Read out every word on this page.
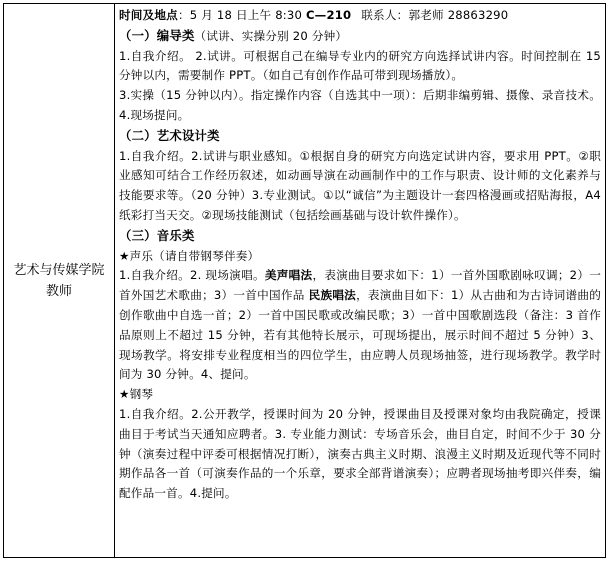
艺术与传媒学院教师
时间及地点：5 月 18 日上午 8:30 C—210 联系人：郭老师 28863290

（一）编导类（试讲、实操分别 20 分钟）

1.自我介绍。 2.试讲。可根据自己在编导专业内的研究方向选择试讲内容。时间控制在 15 分钟以内，需要制作 PPT。（如自己有创作作品可带到现场播放）。

3.实操（15 分钟以内）。指定操作内容（自选其中一项）：后期非编剪辑、摄像、录音技术。4.现场提问。

（二）艺术设计类

1.自我介绍。2.试讲与职业感知。①根据自身的研究方向选定试讲内容，要求用 PPT。②职业感知可结合工作经历叙述，如动画导演在动画制作中的工作与职责、设计师的文化素养与技能要求等。（20 分钟）3.专业测试。①以“诚信”为主题设计一套四格漫画或招贴海报，A4 纸彩打当天交。②现场技能测试（包括绘画基础与设计软件操作）。

（三）音乐类

★声乐（请自带钢琴伴奏）

1.自我介绍。2. 现场演唱。美声唱法，表演曲目要求如下：1）一首外国歌剧咏叹调；2）一首外国艺术歌曲；3）一首中国作品 民族唱法，表演曲目如下：1）从古曲和为古诗词谱曲的创作歌曲中自选一首；2）一首中国民歌或改编民歌；3）一首中国歌剧选段（备注：3 首作品原则上不超过 15 分钟，若有其他特长展示，可现场提出，展示时间不超过 5 分钟）3、现场教学。将安排专业程度相当的四位学生，由应聘人员现场抽签，进行现场教学。教学时间为 30 分钟。4、提问。

★钢琴

1.自我介绍。2.公开教学，授课时间为 20 分钟，授课曲目及授课对象均由我院确定，授课曲目于考试当天通知应聘者。3. 专业能力测试：专场音乐会，曲目自定，时间不少于 30 分钟（演奏过程中评委可根据情况打断），演奏古典主义时期、浪漫主义时期及近现代等不同时期作品各一首（可演奏作品的一个乐章，要求全部背谱演奏）；应聘者现场抽考即兴伴奏，编配作品一首。4.提问。
